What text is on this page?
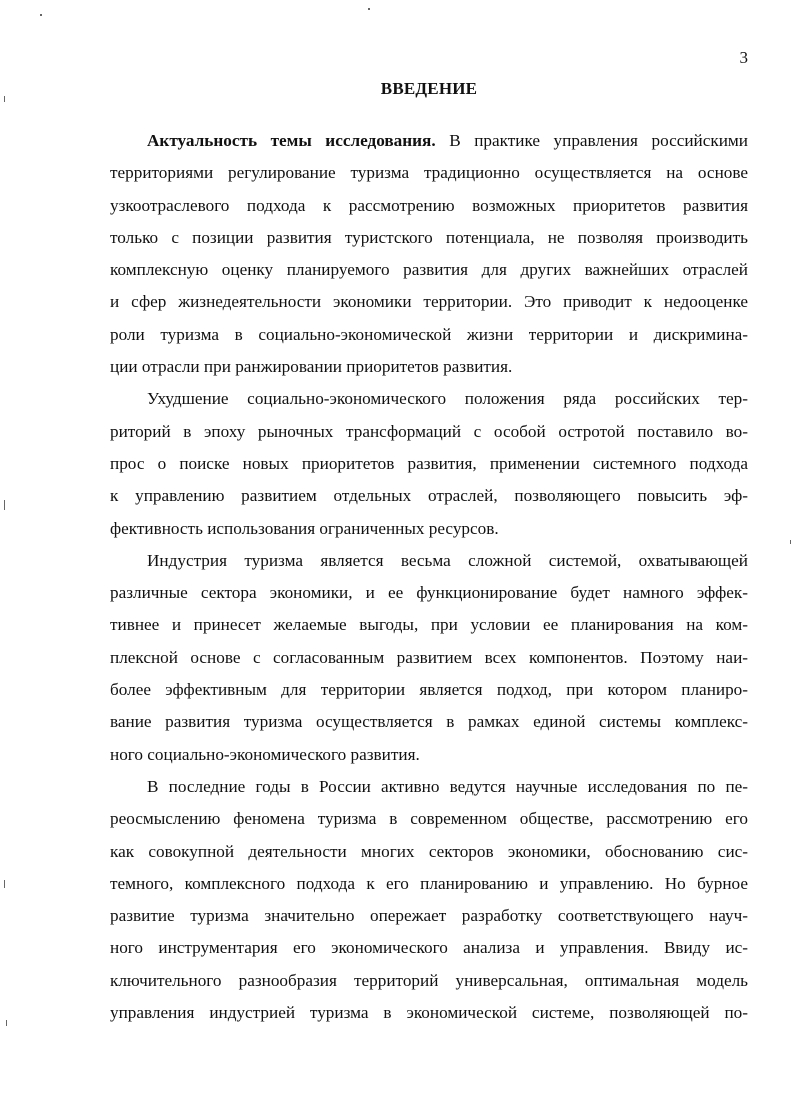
3
ВВЕДЕНИЕ

Актуальность темы исследования. В практике управления российскими
территориями регулирование туризма традиционно осуществляется на основе
узкоотраслевого подхода к рассмотрению возможных приоритетов развития
только с позиции развития туристского потенциала, не позволяя производить
комплексную оценку планируемого развития для других важнейших отраслей
и сфер жизнедеятельности экономики территории. Это приводит к недооценке
роли туризма в социально-экономической жизни территории и дискримина-
ции отрасли при ранжировании приоритетов развития.

Ухудшение социально-экономического положения ряда российских тер-
риторий в эпоху рыночных трансформаций с особой остротой поставило во-
прос о поиске новых приоритетов развития, применении системного подхода
к управлению развитием отдельных отраслей, позволяющего повысить эф-
фективность использования ограниченных ресурсов.

Индустрия туризма является весьма сложной системой, охватывающей
различные сектора экономики, и ее функционирование будет намного эффек-
тивнее и принесет желаемые выгоды, при условии ее планирования на ком-
плексной основе с согласованным развитием всех компонентов. Поэтому наи-
более эффективным для территории является подход, при котором планиро-
вание развития туризма осуществляется в рамках единой системы комплекс-
ного социально-экономического развития.

В последние годы в России активно ведутся научные исследования по пе-
реосмыслению феномена туризма в современном обществе, рассмотрению его
как совокупной деятельности многих секторов экономики, обоснованию сис-
темного, комплексного подхода к его планированию и управлению. Но бурное
развитие туризма значительно опережает разработку соответствующего науч-
ного инструментария его экономического анализа и управления. Ввиду ис-
ключительного разнообразия территорий универсальная, оптимальная модель
управления индустрией туризма в экономической системе, позволяющей по-
